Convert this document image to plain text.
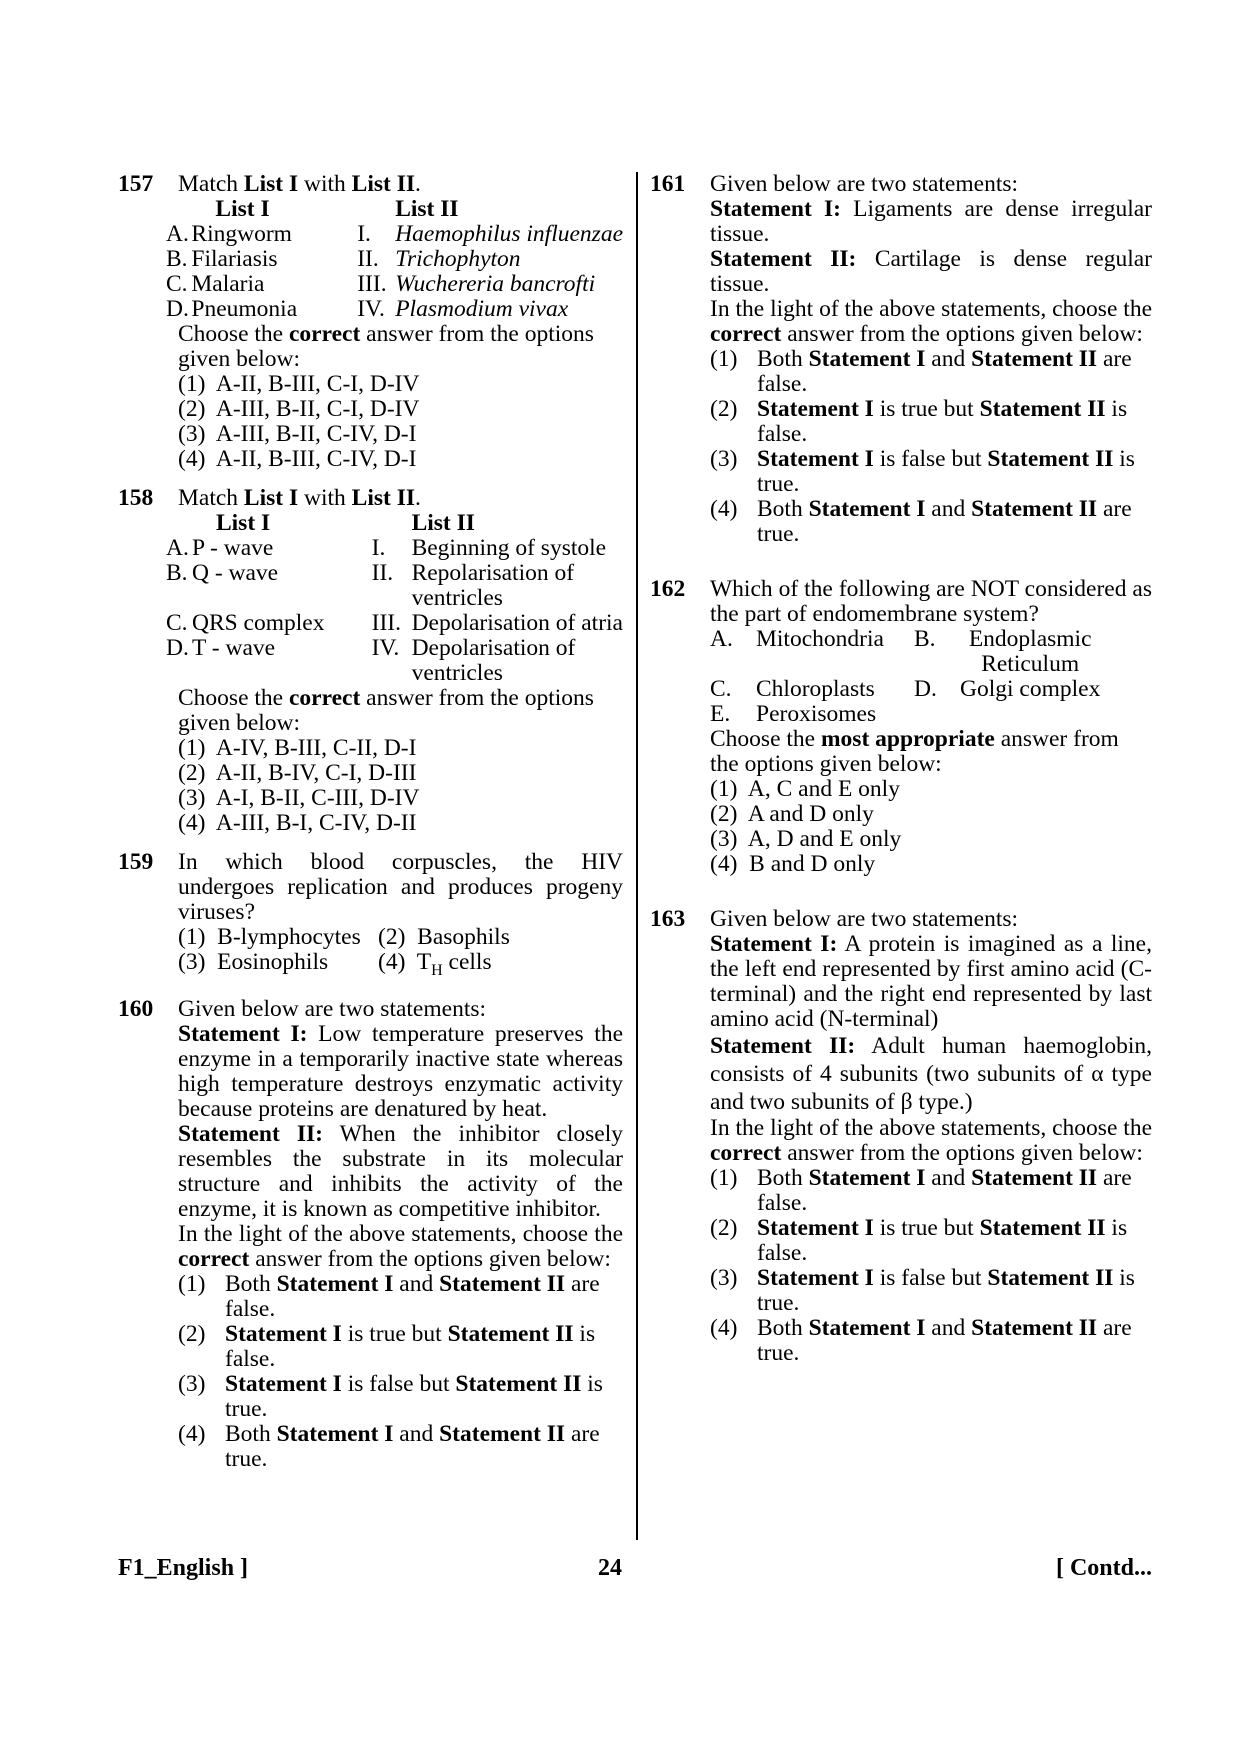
157 Match List I with List II.
	List I		List II
A.	Ringworm	I.	Haemophilus influenzae
B.	Filariasis	II.	Trichophyton
C.	Malaria	III.	Wuchereria bancrofti
D.	Pneumonia	IV.	Plasmodium vivax
Choose the correct answer from the options given below:
(1) A-II, B-III, C-I, D-IV
(2) A-III, B-II, C-I, D-IV
(3) A-III, B-II, C-IV, D-I
(4) A-II, B-III, C-IV, D-I
158 Match List I with List II.
	List I		List II
A.	P - wave	I.	Beginning of systole
B.	Q - wave	II.	Repolarisation of ventricles
C.	QRS complex	III.	Depolarisation of atria
D.	T - wave	IV.	Depolarisation of ventricles
Choose the correct answer from the options given below:
(1) A-IV, B-III, C-II, D-I
(2) A-II, B-IV, C-I, D-III
(3) A-I, B-II, C-III, D-IV
(4) A-III, B-I, C-IV, D-II
159 In which blood corpuscles, the HIV
undergoes replication and produces progeny
viruses?
(1) B-lymphocytes	(2) Basophils
(3) Eosinophils	(4) $T_H$ cells
160 Given below are two statements:
Statement I: Low temperature preserves the enzyme in a temporarily inactive state whereas high temperature destroys enzymatic activity because proteins are denatured by heat.
Statement II: When the inhibitor closely resembles the substrate in its molecular structure and inhibits the activity of the enzyme, it is known as competitive inhibitor.
In the light of the above statements, choose the correct answer from the options given below:
(1) Both Statement I and Statement II are false.
(2) Statement I is true but Statement II is false.
(3) Statement I is false but Statement II is true.
(4) Both Statement I and Statement II are true.
161 Given below are two statements:
Statement I: Ligaments are dense irregular tissue.
Statement II: Cartilage is dense regular tissue.
In the light of the above statements, choose the correct answer from the options given below:
(1) Both Statement I and Statement II are false.
(2) Statement I is true but Statement II is false.
(3) Statement I is false but Statement II is true.
(4) Both Statement I and Statement II are true.
162 Which of the following are NOT considered as the part of endomembrane system?
A.	Mitochondria	B.	Endoplasmic Reticulum
C.	Chloroplasts	D.	Golgi complex
E.	Peroxisomes		
Choose the most appropriate answer from the options given below:
(1) A, C and E only
(2) A and D only
(3) A, D and E only
(4) B and D only
163 Given below are two statements:
Statement I: A protein is imagined as a line, the left end represented by first amino acid (C-terminal) and the right end represented by last amino acid (N-terminal)
Statement II: Adult human haemoglobin, consists of 4 subunits (two subunits of α type and two subunits of β type.)
In the light of the above statements, choose the correct answer from the options given below:
(1) Both Statement I and Statement II are false.
(2) Statement I is true but Statement II is false.
(3) Statement I is false but Statement II is true.
(4) Both Statement I and Statement II are true.
F1_English ]	24	[ Contd...
